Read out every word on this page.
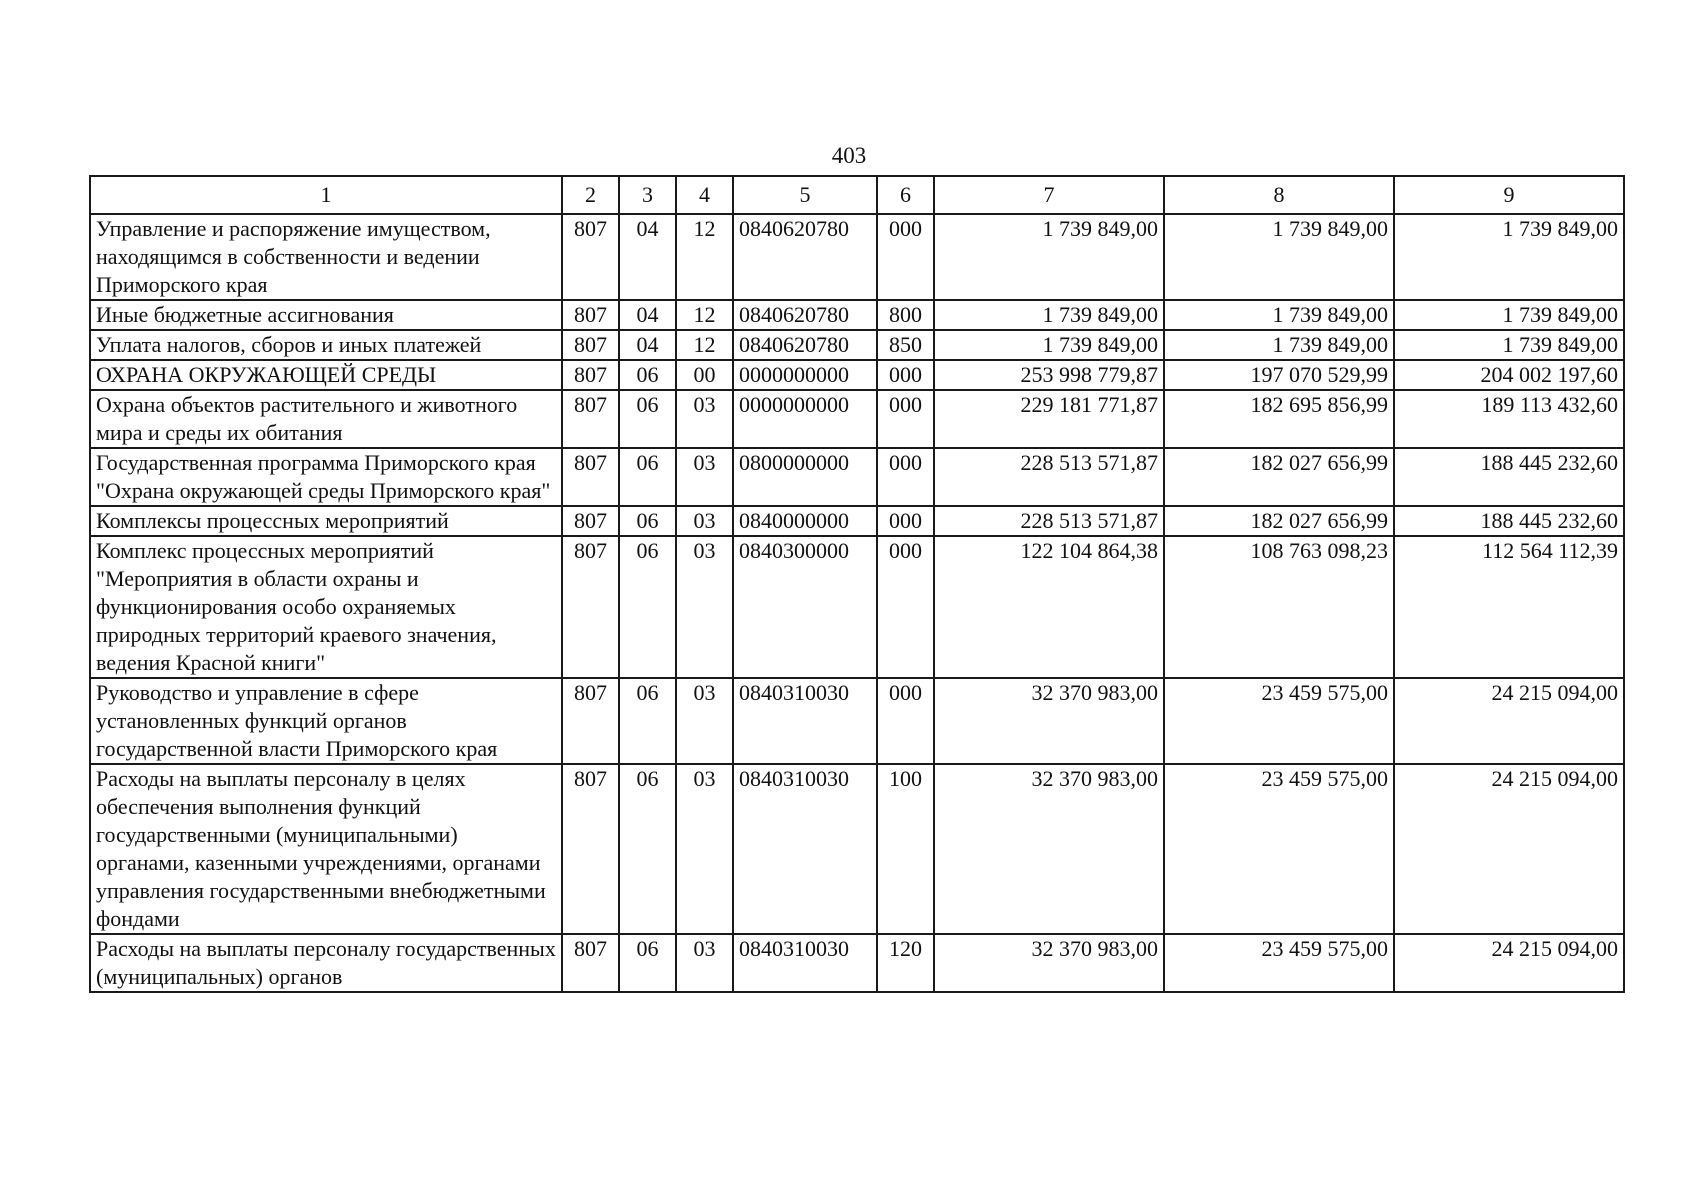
403
1	2	3	4	5	6	7	8	9
Управление и распоряжение имуществом, находящимся в собственности и ведении Приморского края	807	04	12	0840620780	000	1 739 849,00	1 739 849,00	1 739 849,00
Иные бюджетные ассигнования	807	04	12	0840620780	800	1 739 849,00	1 739 849,00	1 739 849,00
Уплата налогов, сборов и иных платежей	807	04	12	0840620780	850	1 739 849,00	1 739 849,00	1 739 849,00
ОХРАНА ОКРУЖАЮЩЕЙ СРЕДЫ	807	06	00	0000000000	000	253 998 779,87	197 070 529,99	204 002 197,60
Охрана объектов растительного и животного мира и среды их обитания	807	06	03	0000000000	000	229 181 771,87	182 695 856,99	189 113 432,60
Государственная программа Приморского края "Охрана окружающей среды Приморского края"	807	06	03	0800000000	000	228 513 571,87	182 027 656,99	188 445 232,60
Комплексы процессных мероприятий	807	06	03	0840000000	000	228 513 571,87	182 027 656,99	188 445 232,60
Комплекс процессных мероприятий "Мероприятия в области охраны и функционирования особо охраняемых природных территорий краевого значения, ведения Красной книги"	807	06	03	0840300000	000	122 104 864,38	108 763 098,23	112 564 112,39
Руководство и управление в сфере установленных функций органов государственной власти Приморского края	807	06	03	0840310030	000	32 370 983,00	23 459 575,00	24 215 094,00
Расходы на выплаты персоналу в целях обеспечения выполнения функций государственными (муниципальными) органами, казенными учреждениями, органами управления государственными внебюджетными фондами	807	06	03	0840310030	100	32 370 983,00	23 459 575,00	24 215 094,00
Расходы на выплаты персоналу государственных (муниципальных) органов	807	06	03	0840310030	120	32 370 983,00	23 459 575,00	24 215 094,00
